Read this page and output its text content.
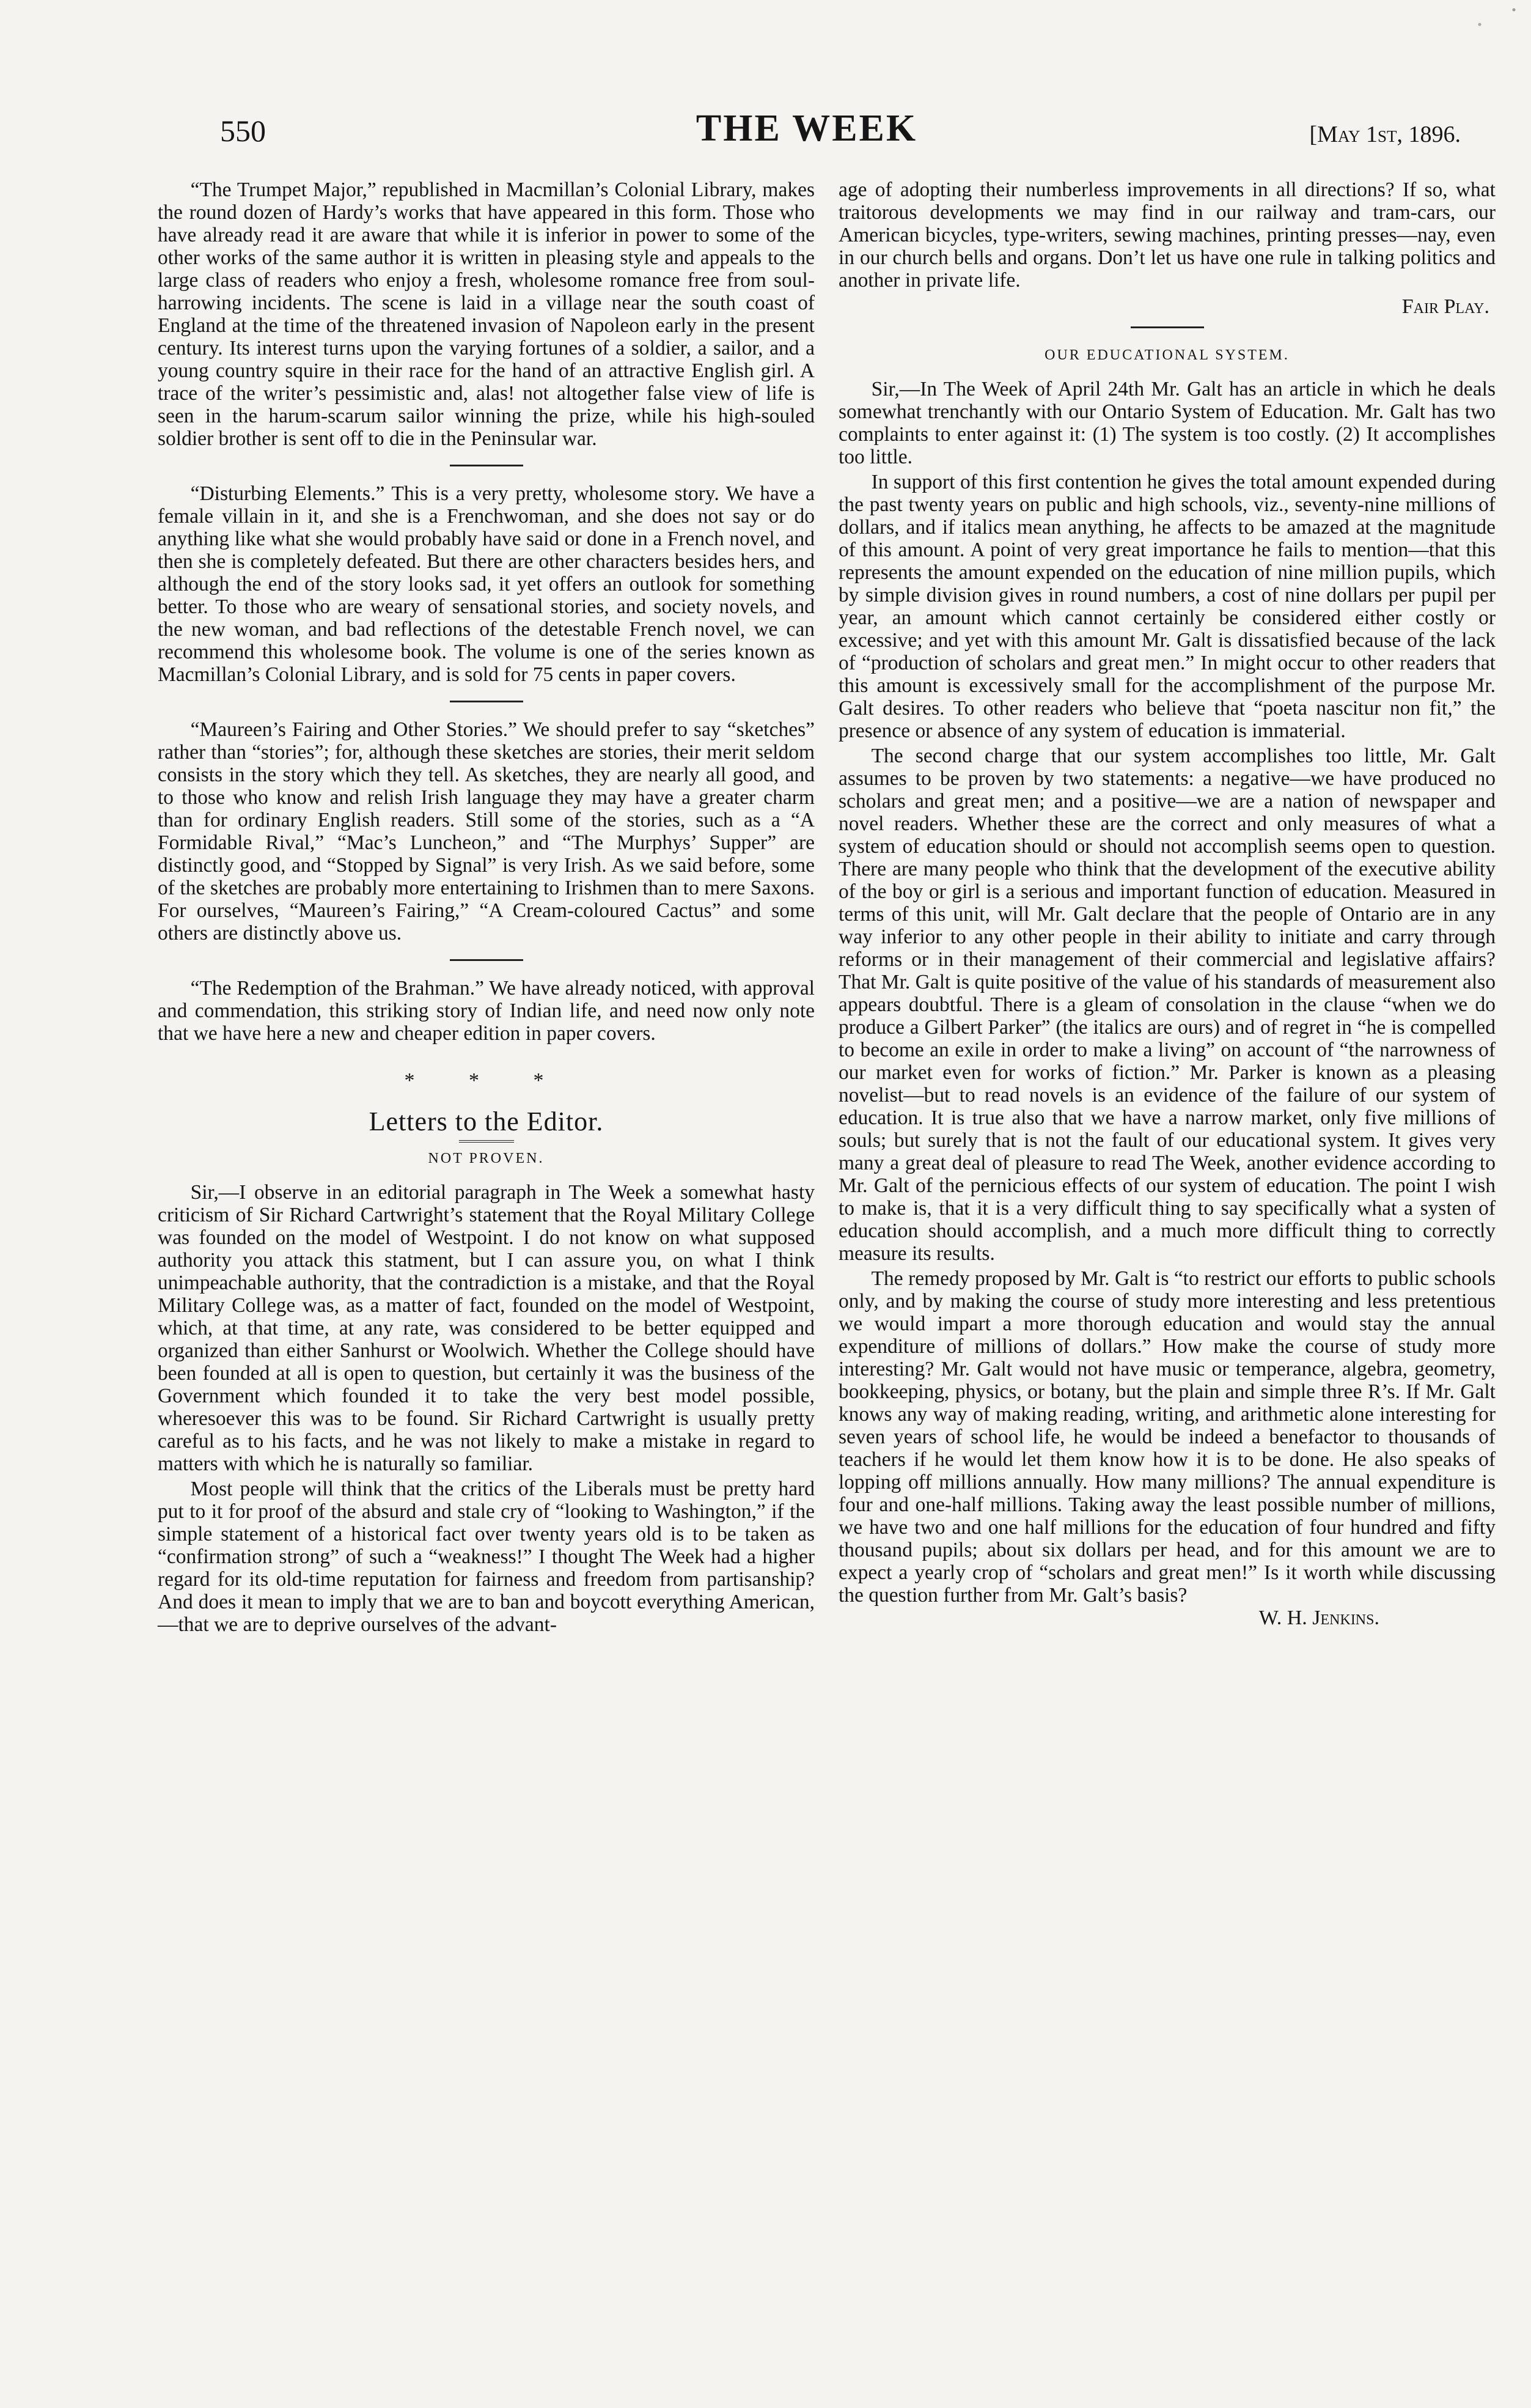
550	THE WEEK	[May 1st, 1896.

“The Trumpet Major,” republished in Macmillan’s Colonial Library, makes the round dozen of Hardy’s works that have appeared in this form. Those who have already read it are aware that while it is inferior in power to some of the other works of the same author it is written in pleasing style and appeals to the large class of readers who enjoy a fresh, wholesome romance free from soul-harrowing incidents. The scene is laid in a village near the south coast of England at the time of the threatened invasion of Napoleon early in the present century. Its interest turns upon the varying fortunes of a soldier, a sailor, and a young country squire in their race for the hand of an attractive English girl. A trace of the writer’s pessimistic and, alas! not altogether false view of life is seen in the harum-scarum sailor winning the prize, while his high-souled soldier brother is sent off to die in the Peninsular war.

“Disturbing Elements.” This is a very pretty, wholesome story. We have a female villain in it, and she is a Frenchwoman, and she does not say or do anything like what she would probably have said or done in a French novel, and then she is completely defeated. But there are other characters besides hers, and although the end of the story looks sad, it yet offers an outlook for something better. To those who are weary of sensational stories, and society novels, and the new woman, and bad reflections of the detestable French novel, we can recommend this wholesome book. The volume is one of the series known as Macmillan’s Colonial Library, and is sold for 75 cents in paper covers.

“Maureen’s Fairing and Other Stories.” We should prefer to say “sketches” rather than “stories”; for, although these sketches are stories, their merit seldom consists in the story which they tell. As sketches, they are nearly all good, and to those who know and relish Irish language they may have a greater charm than for ordinary English readers. Still some of the stories, such as a “A Formidable Rival,” “Mac’s Luncheon,” and “The Murphys’ Supper” are distinctly good, and “Stopped by Signal” is very Irish. As we said before, some of the sketches are probably more entertaining to Irishmen than to mere Saxons. For ourselves, “Maureen’s Fairing,” “A Cream-coloured Cactus” and some others are distinctly above us.

“The Redemption of the Brahman.” We have already noticed, with approval and commendation, this striking story of Indian life, and need now only note that we have here a new and cheaper edition in paper covers.

* * *
Letters to the Editor.
NOT PROVEN.

Sir,—I observe in an editorial paragraph in The Week a somewhat hasty criticism of Sir Richard Cartwright’s statement that the Royal Military College was founded on the model of Westpoint. I do not know on what supposed authority you attack this statment, but I can assure you, on what I think unimpeachable authority, that the contradiction is a mistake, and that the Royal Military College was, as a matter of fact, founded on the model of Westpoint, which, at that time, at any rate, was considered to be better equipped and organized than either Sanhurst or Woolwich. Whether the College should have been founded at all is open to question, but certainly it was the business of the Government which founded it to take the very best model possible, wheresoever this was to be found. Sir Richard Cartwright is usually pretty careful as to his facts, and he was not likely to make a mistake in regard to matters with which he is naturally so familiar.

Most people will think that the critics of the Liberals must be pretty hard put to it for proof of the absurd and stale cry of “looking to Washington,” if the simple statement of a historical fact over twenty years old is to be taken as “confirmation strong” of such a “weakness!” I thought The Week had a higher regard for its old-time reputation for fairness and freedom from partisanship? And does it mean to imply that we are to ban and boycott everything American,—that we are to deprive ourselves of the advant-

age of adopting their numberless improvements in all directions? If so, what traitorous developments we may find in our railway and tram-cars, our American bicycles, type-writers, sewing machines, printing presses—nay, even in our church bells and organs. Don’t let us have one rule in talking politics and another in private life.

Fair Play.
OUR EDUCATIONAL SYSTEM.

Sir,—In The Week of April 24th Mr. Galt has an article in which he deals somewhat trenchantly with our Ontario System of Education. Mr. Galt has two complaints to enter against it: (1) The system is too costly. (2) It accomplishes too little.

In support of this first contention he gives the total amount expended during the past twenty years on public and high schools, viz., seventy-nine millions of dollars, and if italics mean anything, he affects to be amazed at the magnitude of this amount. A point of very great importance he fails to mention—that this represents the amount expended on the education of nine million pupils, which by simple division gives in round numbers, a cost of nine dollars per pupil per year, an amount which cannot certainly be considered either costly or excessive; and yet with this amount Mr. Galt is dissatisfied because of the lack of “production of scholars and great men.” In might occur to other readers that this amount is excessively small for the accomplishment of the purpose Mr. Galt desires. To other readers who believe that “poeta nascitur non fit,” the presence or absence of any system of education is immaterial.

The second charge that our system accomplishes too little, Mr. Galt assumes to be proven by two statements: a negative—we have produced no scholars and great men; and a positive—we are a nation of newspaper and novel readers. Whether these are the correct and only measures of what a system of education should or should not accomplish seems open to question. There are many people who think that the development of the executive ability of the boy or girl is a serious and important function of education. Measured in terms of this unit, will Mr. Galt declare that the people of Ontario are in any way inferior to any other people in their ability to initiate and carry through reforms or in their management of their commercial and legislative affairs? That Mr. Galt is quite positive of the value of his standards of measurement also appears doubtful. There is a gleam of consolation in the clause “when we do produce a Gilbert Parker” (the italics are ours) and of regret in “he is compelled to become an exile in order to make a living” on account of “the narrowness of our market even for works of fiction.” Mr. Parker is known as a pleasing novelist—but to read novels is an evidence of the failure of our system of education. It is true also that we have a narrow market, only five millions of souls; but surely that is not the fault of our educational system. It gives very many a great deal of pleasure to read The Week, another evidence according to Mr. Galt of the pernicious effects of our system of education. The point I wish to make is, that it is a very difficult thing to say specifically what a systen of education should accomplish, and a much more difficult thing to correctly measure its results.

The remedy proposed by Mr. Galt is “to restrict our efforts to public schools only, and by making the course of study more interesting and less pretentious we would impart a more thorough education and would stay the annual expenditure of millions of dollars.” How make the course of study more interesting? Mr. Galt would not have music or temperance, algebra, geometry, bookkeeping, physics, or botany, but the plain and simple three R’s. If Mr. Galt knows any way of making reading, writing, and arithmetic alone interesting for seven years of school life, he would be indeed a benefactor to thousands of teachers if he would let them know how it is to be done. He also speaks of lopping off millions annually. How many millions? The annual expenditure is four and one-half millions. Taking away the least possible number of millions, we have two and one half millions for the education of four hundred and fifty thousand pupils; about six dollars per head, and for this amount we are to expect a yearly crop of “scholars and great men!” Is it worth while discussing the question further from Mr. Galt’s basis?

W. H. Jenkins.
